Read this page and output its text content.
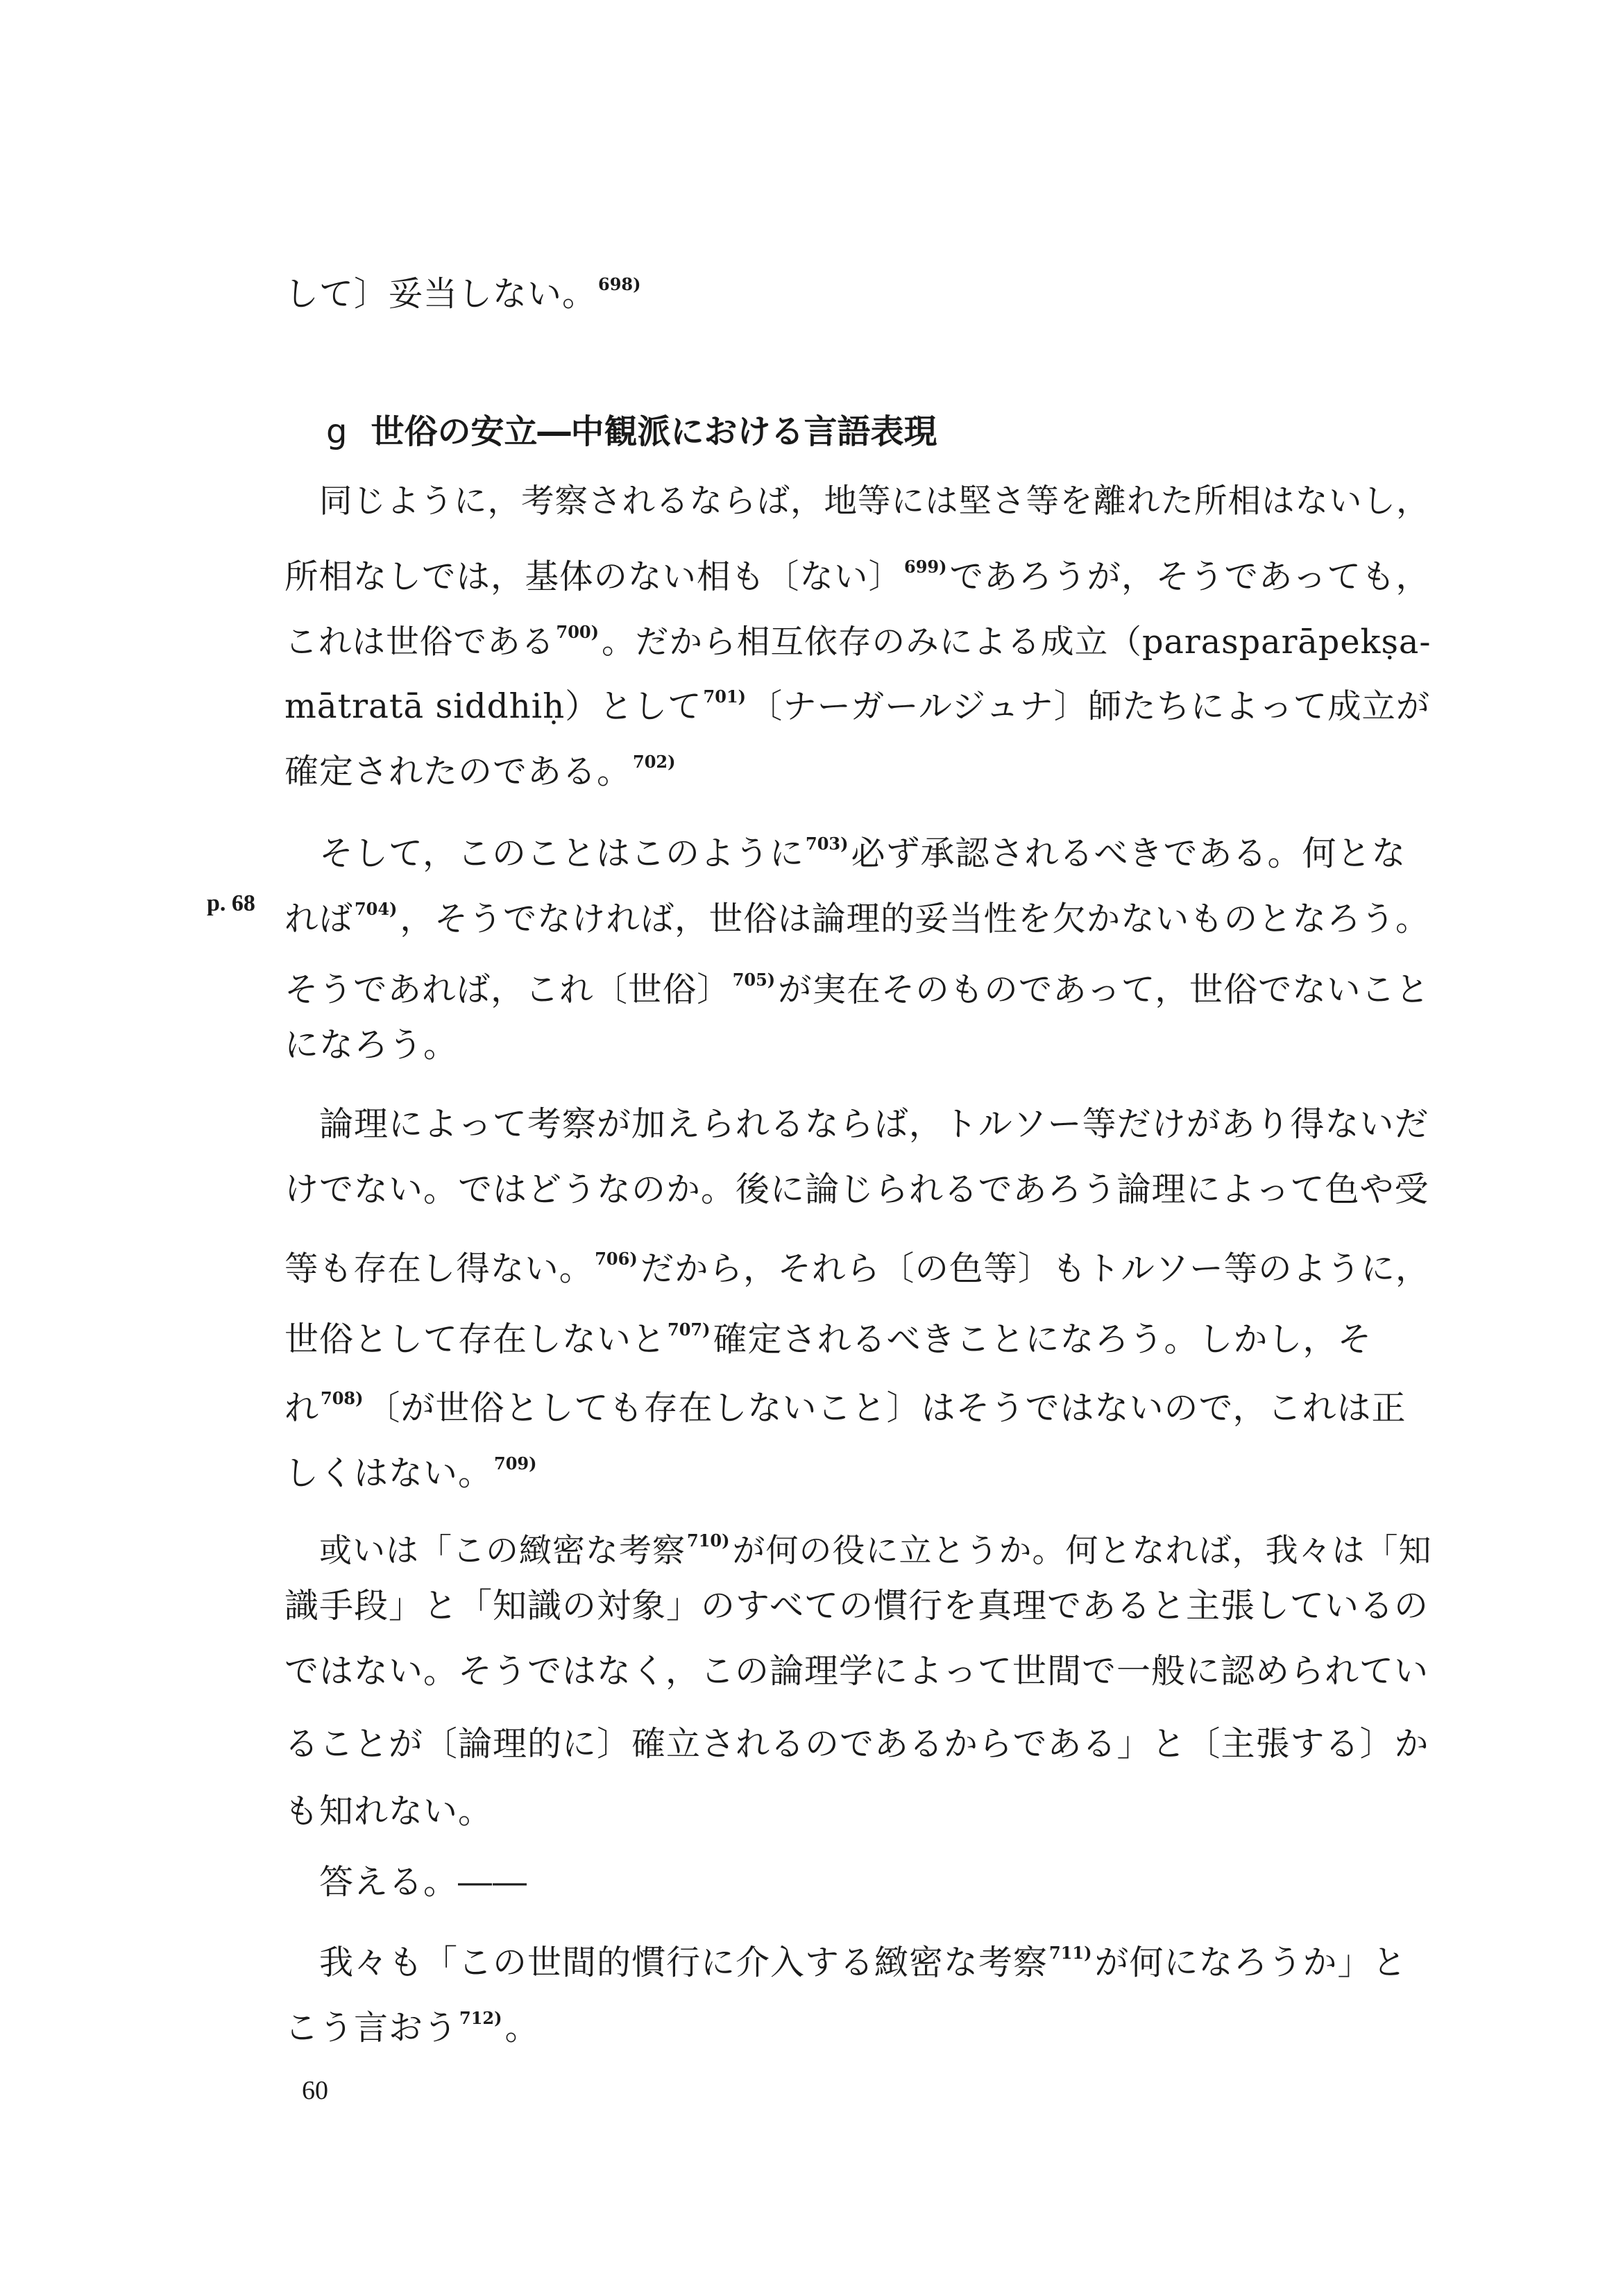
して〕妥当しない。$^{698)}$
g 世俗の安立―中観派における言語表現
同じように，考察されるならば，地等には堅さ等を離れた所相はないし，
所相なしでは，基体のない相も〔ない〕$^{699)}$であろうが，そうであっても，
これは世俗である$^{700)}$。だから相互依存のみによる成立（parasparāpekṣa-
mātratā siddhiḥ）として$^{701)}$〔ナーガールジュナ〕師たちによって成立が
確定されたのである。$^{702)}$
そして，このことはこのように$^{703)}$必ず承認されるべきである。何とな
p. 68 れば$^{704)}$，そうでなければ，世俗は論理的妥当性を欠かないものとなろう。
そうであれば，これ〔世俗〕$^{705)}$が実在そのものであって，世俗でないこと
になろう。
論理によって考察が加えられるならば，トルソー等だけがあり得ないだ
けでない。ではどうなのか。後に論じられるであろう論理によって色や受
等も存在し得ない。$^{706)}$だから，それら〔の色等〕もトルソー等のように，
世俗として存在しないと$^{707)}$確定されるべきことになろう。しかし，そ
れ$^{708)}$〔が世俗としても存在しないこと〕はそうではないので，これは正
しくはない。$^{709)}$
或いは「この緻密な考察$^{710)}$が何の役に立とうか。何となれば，我々は「知
識手段」と「知識の対象」のすべての慣行を真理であると主張しているの
ではない。そうではなく，この論理学によって世間で一般に認められてい
ることが〔論理的に〕確立されるのであるからである」と〔主張する〕か
も知れない。
答える。――
我々も「この世間的慣行に介入する緻密な考察$^{711)}$が何になろうか」と
こう言おう$^{712)}$。
60
